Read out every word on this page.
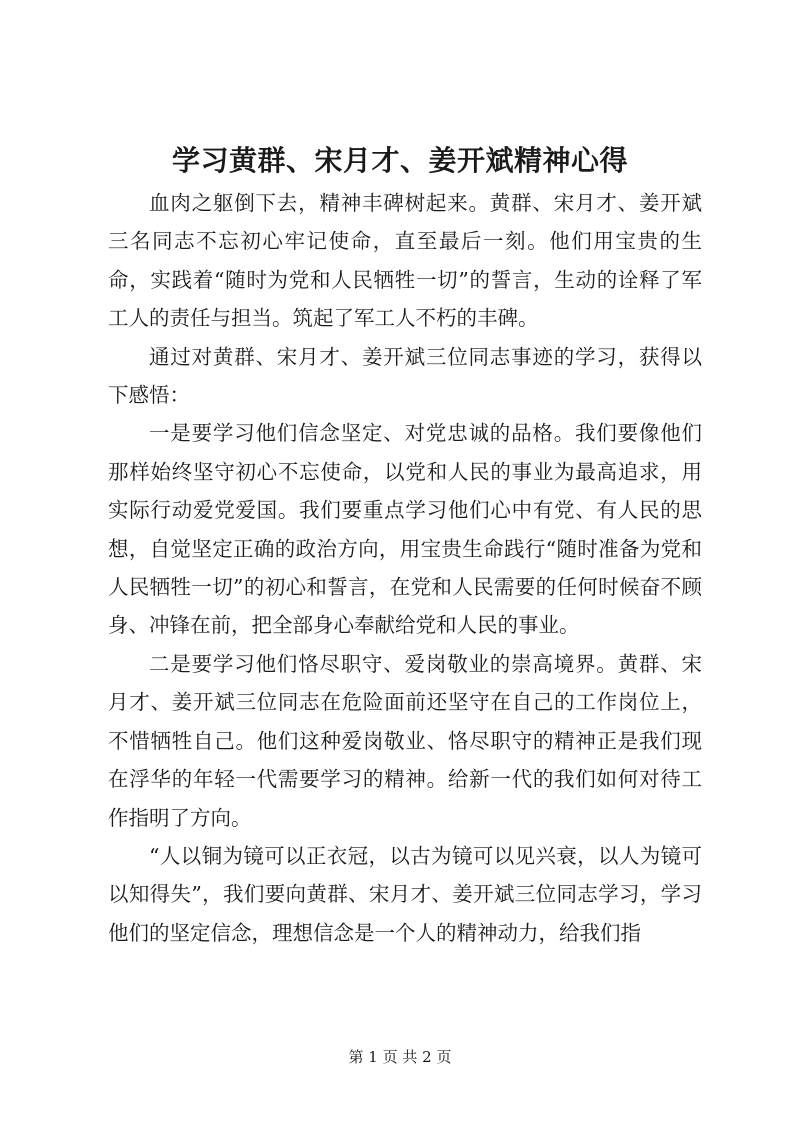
学习黄群、宋月才、姜开斌精神心得

血肉之躯倒下去，精神丰碑树起来。黄群、宋月才、姜开斌三名同志不忘初心牢记使命，直至最后一刻。他们用宝贵的生命，实践着“随时为党和人民牺牲一切”的誓言，生动的诠释了军工人的责任与担当。筑起了军工人不朽的丰碑。

通过对黄群、宋月才、姜开斌三位同志事迹的学习，获得以下感悟：

一是要学习他们信念坚定、对党忠诚的品格。我们要像他们那样始终坚守初心不忘使命，以党和人民的事业为最高追求，用实际行动爱党爱国。我们要重点学习他们心中有党、有人民的思想，自觉坚定正确的政治方向，用宝贵生命践行“随时准备为党和人民牺牲一切”的初心和誓言，在党和人民需要的任何时候奋不顾身、冲锋在前，把全部身心奉献给党和人民的事业。

二是要学习他们恪尽职守、爱岗敬业的崇高境界。黄群、宋月才、姜开斌三位同志在危险面前还坚守在自己的工作岗位上，不惜牺牲自己。他们这种爱岗敬业、恪尽职守的精神正是我们现在浮华的年轻一代需要学习的精神。给新一代的我们如何对待工作指明了方向。

“人以铜为镜可以正衣冠，以古为镜可以见兴衰，以人为镜可以知得失”，我们要向黄群、宋月才、姜开斌三位同志学习，学习他们的坚定信念，理想信念是一个人的精神动力，给我们指

第 1 页 共 2 页
